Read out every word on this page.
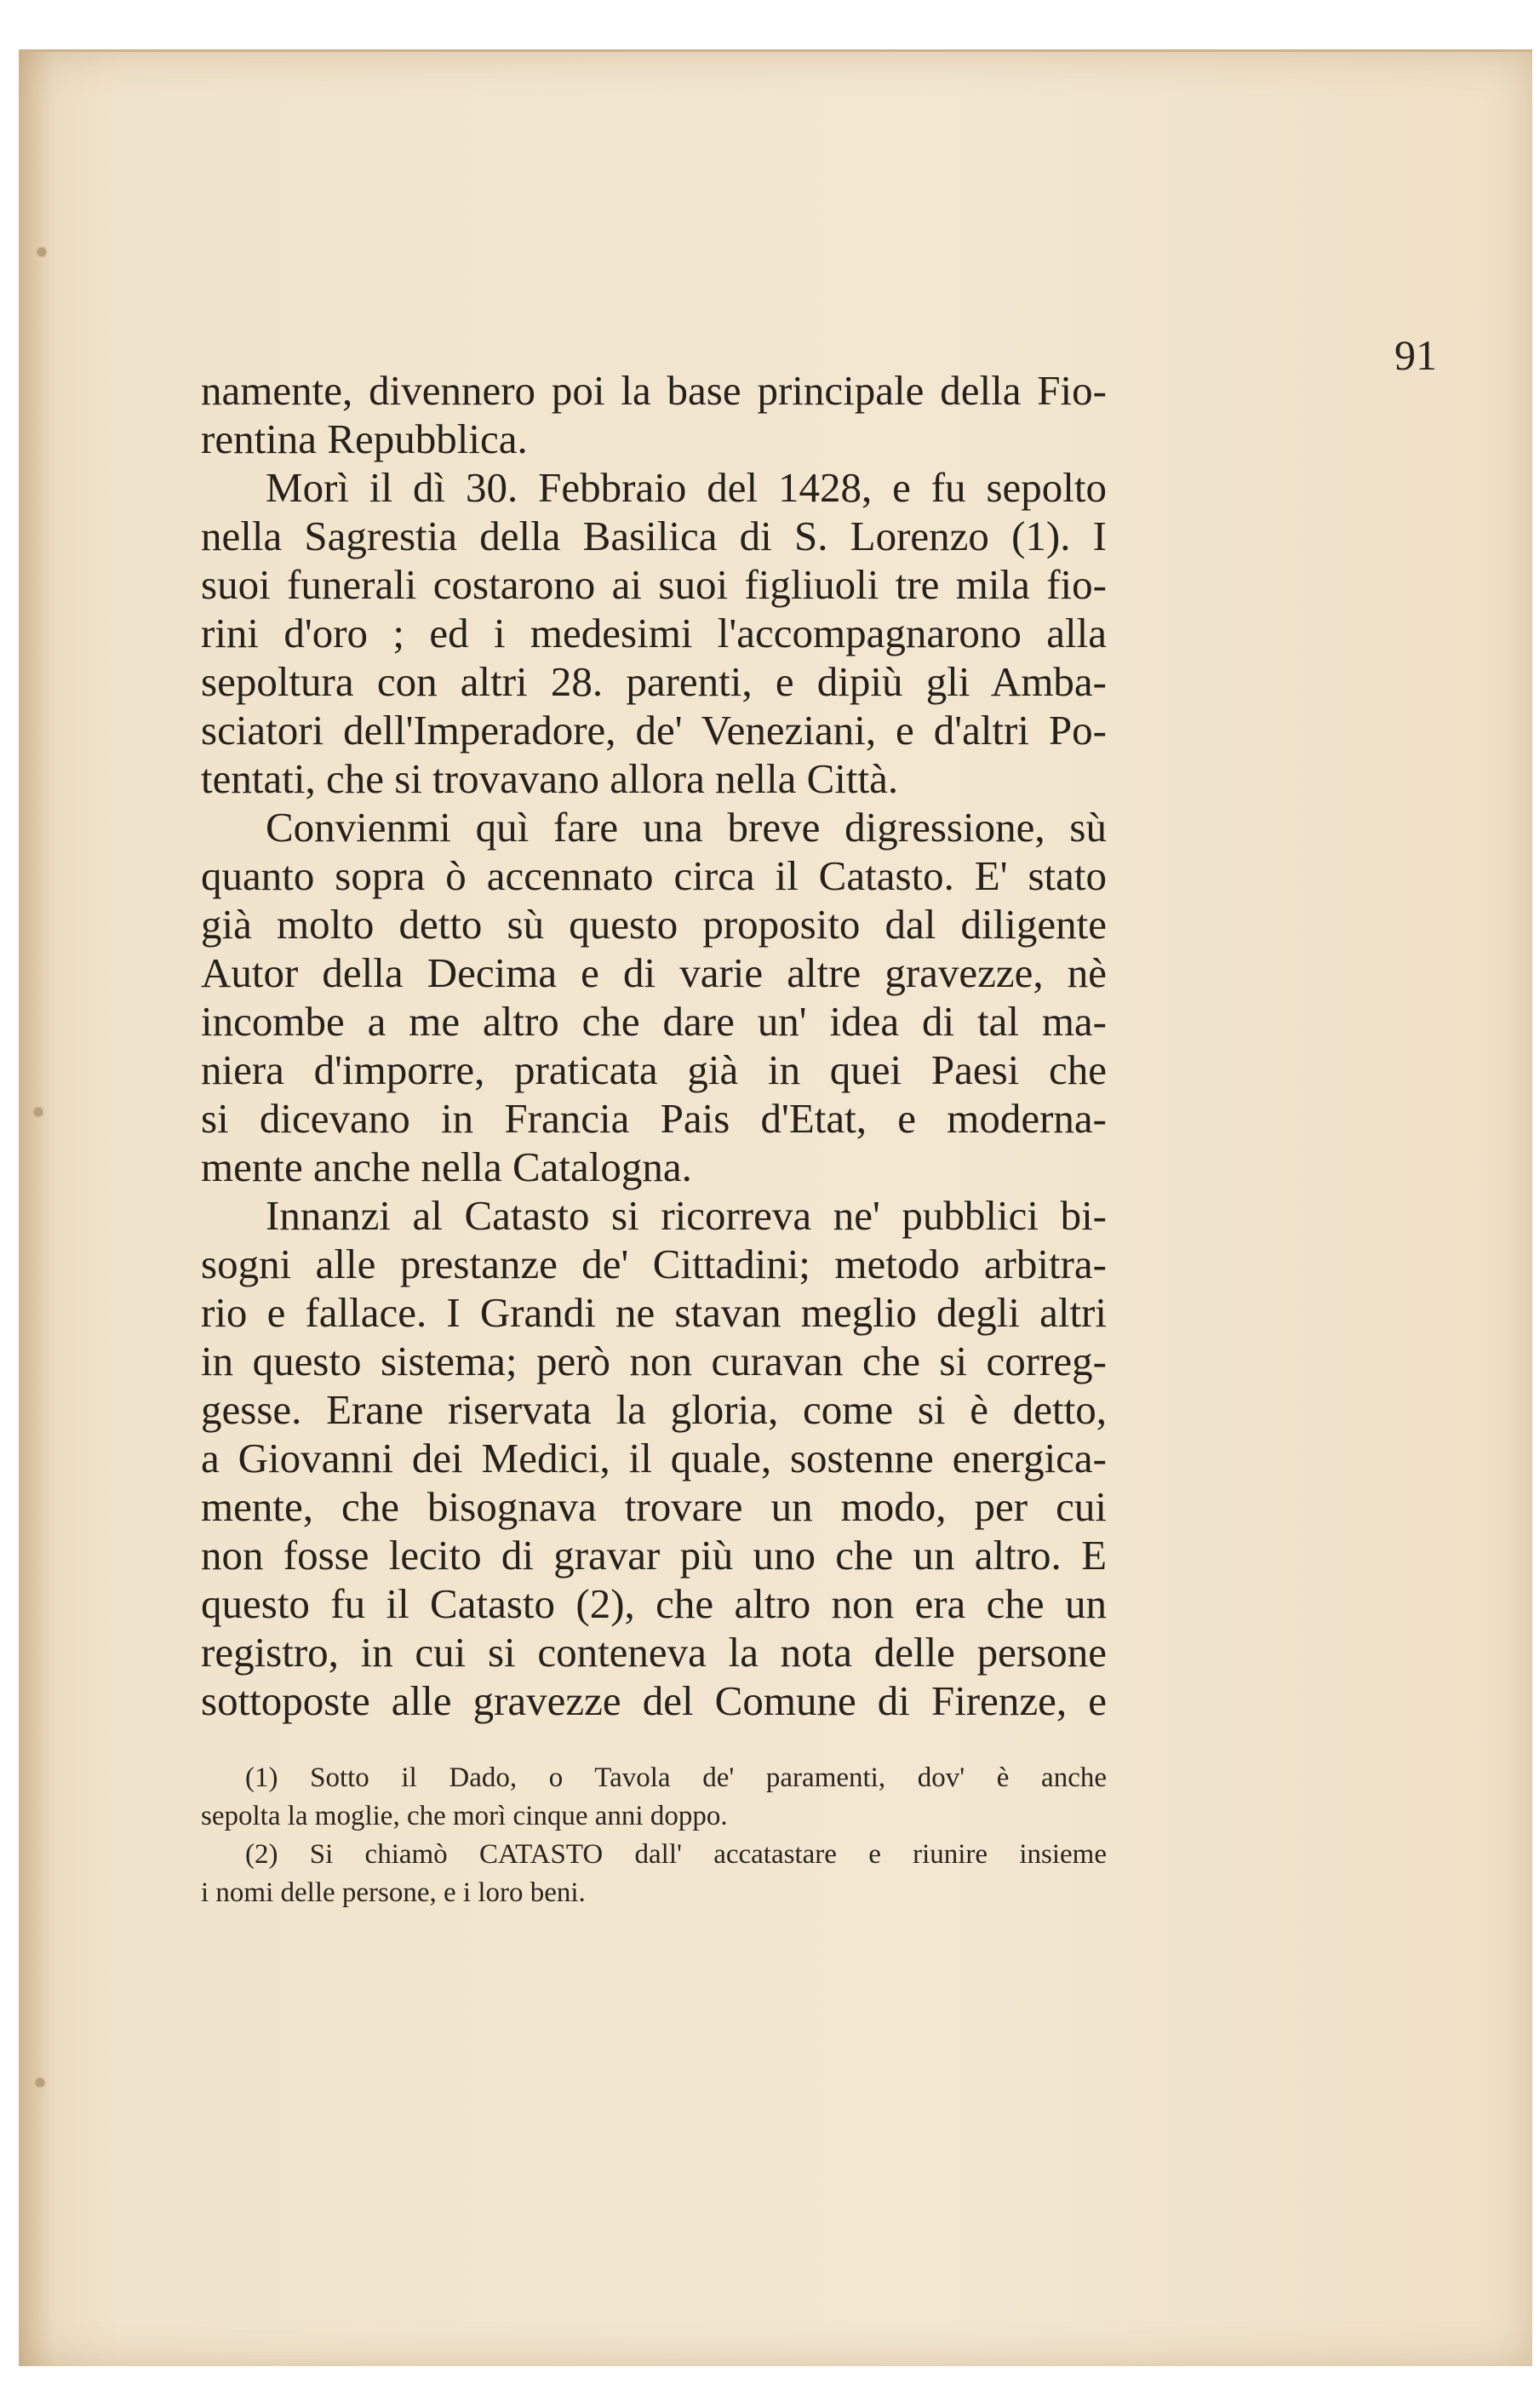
91
namente, divennero poi la base principale della Fio-
rentina Repubblica.
Morì il dì 30. Febbraio del 1428, e fu sepolto
nella Sagrestia della Basilica di S. Lorenzo (1). I
suoi funerali costarono ai suoi figliuoli tre mila fio-
rini d'oro ; ed i medesimi l'accompagnarono alla
sepoltura con altri 28. parenti, e dipiù gli Amba-
sciatori dell'Imperadore, de' Veneziani, e d'altri Po-
tentati, che si trovavano allora nella Città.
Convienmi quì fare una breve digressione, sù
quanto sopra ò accennato circa il Catasto. E' stato
già molto detto sù questo proposito dal diligente
Autor della Decima e di varie altre gravezze, nè
incombe a me altro che dare un' idea di tal ma-
niera d'imporre, praticata già in quei Paesi che
si dicevano in Francia Pais d'Etat, e moderna-
mente anche nella Catalogna.
Innanzi al Catasto si ricorreva ne' pubblici bi-
sogni alle prestanze de' Cittadini; metodo arbitra-
rio e fallace. I Grandi ne stavan meglio degli altri
in questo sistema; però non curavan che si correg-
gesse. Erane riservata la gloria, come si è detto,
a Giovanni dei Medici, il quale, sostenne energica-
mente, che bisognava trovare un modo, per cui
non fosse lecito di gravar più uno che un altro. E
questo fu il Catasto (2), che altro non era che un
registro, in cui si conteneva la nota delle persone
sottoposte alle gravezze del Comune di Firenze, e
(1) Sotto il Dado, o Tavola de' paramenti, dov' è anche
sepolta la moglie, che morì cinque anni doppo.
(2) Si chiamò CATASTO dall' accatastare e riunire insieme
i nomi delle persone, e i loro beni.
